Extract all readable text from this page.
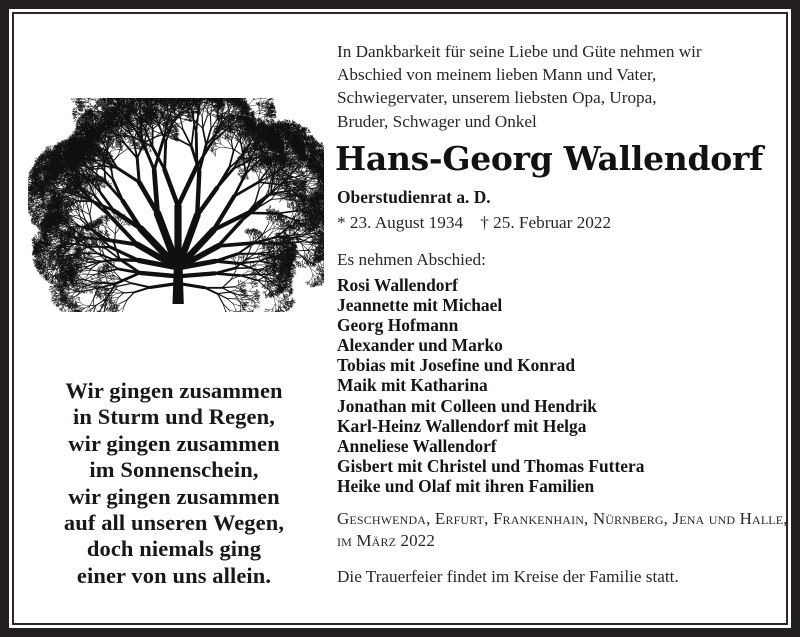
Wir gingen zusammen
in Sturm und Regen,
wir gingen zusammen
im Sonnenschein,
wir gingen zusammen
auf all unseren Wegen,
doch niemals ging
einer von uns allein.
In Dankbarkeit für seine Liebe und Güte nehmen wir
Abschied von meinem lieben Mann und Vater,
Schwiegervater, unserem liebsten Opa, Uropa,
Bruder, Schwager und Onkel
Hans-Georg Wallendorf
Oberstudienrat a. D.
* 23. August 1934    † 25. Februar 2022
Es nehmen Abschied:
Rosi Wallendorf
Jeannette mit Michael
Georg Hofmann
Alexander und Marko
Tobias mit Josefine und Konrad
Maik mit Katharina
Jonathan mit Colleen und Hendrik
Karl-Heinz Wallendorf mit Helga
Anneliese Wallendorf
Gisbert mit Christel und Thomas Futtera
Heike und Olaf mit ihren Familien
Geschwenda, Erfurt, Frankenhain, Nürnberg, Jena und Halle,
im März 2022
Die Trauerfeier findet im Kreise der Familie statt.
